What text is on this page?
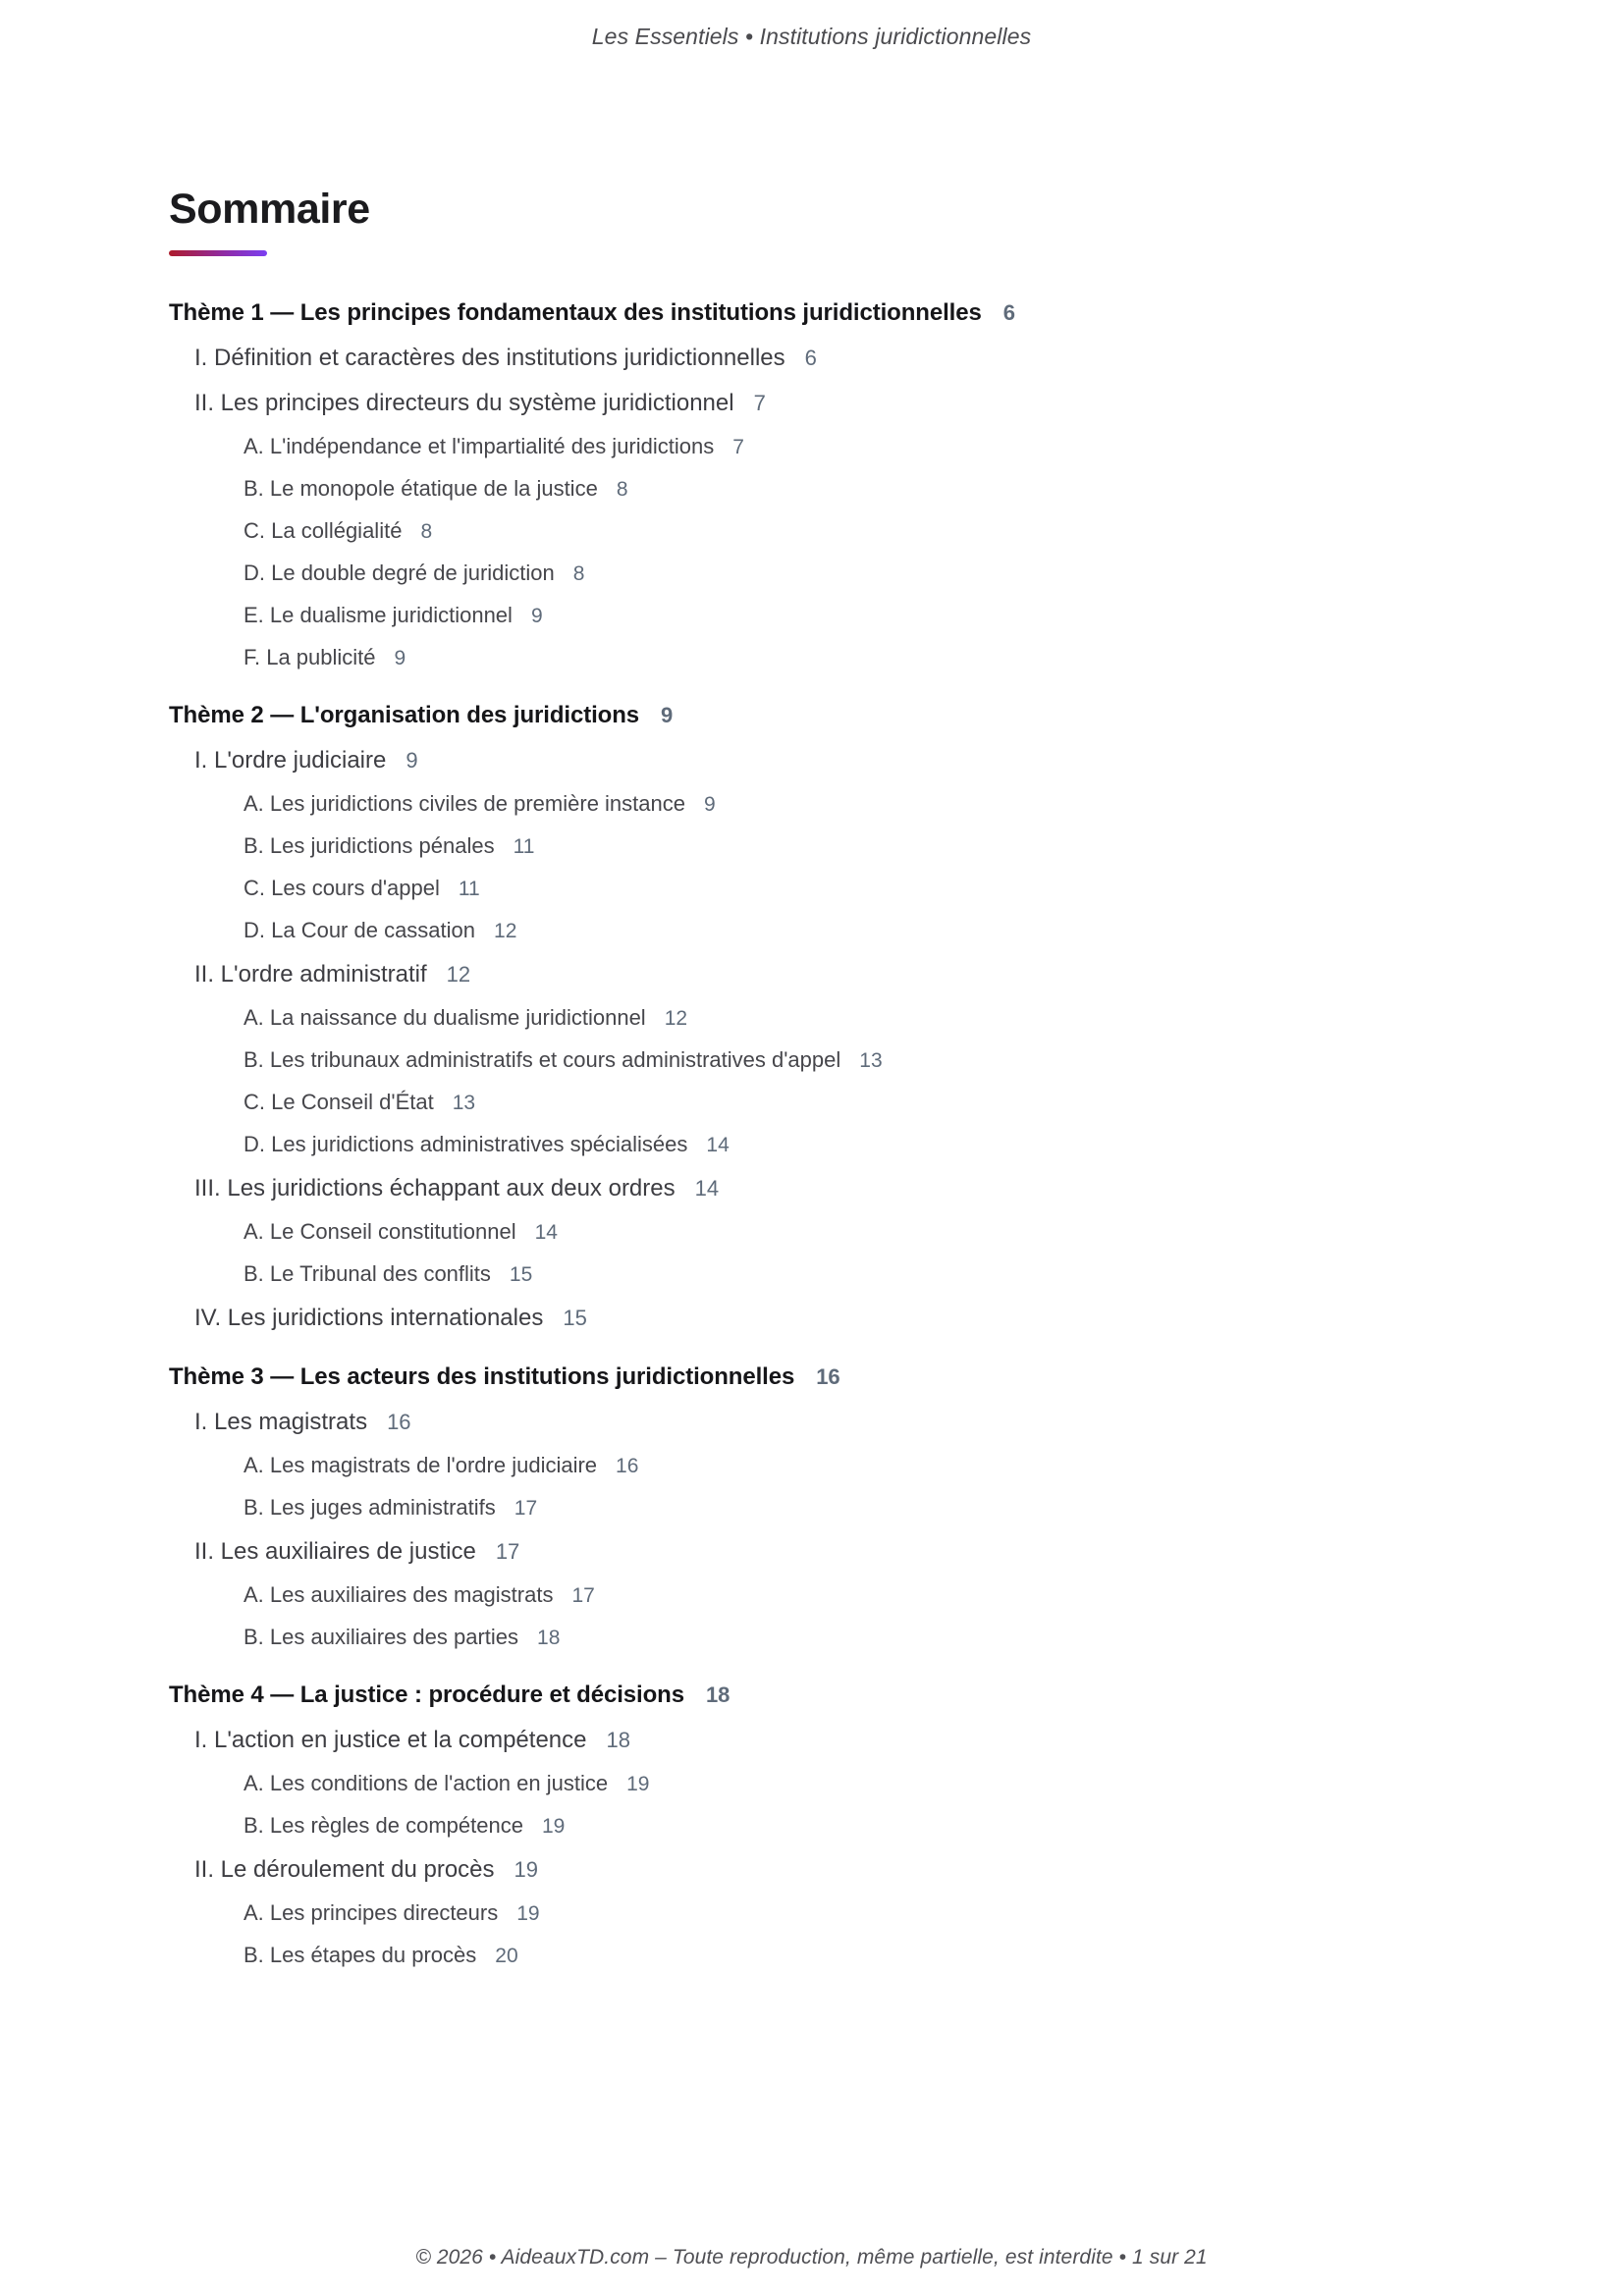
Les Essentiels • Institutions juridictionnelles
Sommaire
Thème 1 — Les principes fondamentaux des institutions juridictionnelles 6
I. Définition et caractères des institutions juridictionnelles 6
II. Les principes directeurs du système juridictionnel 7
A. L'indépendance et l'impartialité des juridictions 7
B. Le monopole étatique de la justice 8
C. La collégialité 8
D. Le double degré de juridiction 8
E. Le dualisme juridictionnel 9
F. La publicité 9
Thème 2 — L'organisation des juridictions 9
I. L'ordre judiciaire 9
A. Les juridictions civiles de première instance 9
B. Les juridictions pénales 11
C. Les cours d'appel 11
D. La Cour de cassation 12
II. L'ordre administratif 12
A. La naissance du dualisme juridictionnel 12
B. Les tribunaux administratifs et cours administratives d'appel 13
C. Le Conseil d'État 13
D. Les juridictions administratives spécialisées 14
III. Les juridictions échappant aux deux ordres 14
A. Le Conseil constitutionnel 14
B. Le Tribunal des conflits 15
IV. Les juridictions internationales 15
Thème 3 — Les acteurs des institutions juridictionnelles 16
I. Les magistrats 16
A. Les magistrats de l'ordre judiciaire 16
B. Les juges administratifs 17
II. Les auxiliaires de justice 17
A. Les auxiliaires des magistrats 17
B. Les auxiliaires des parties 18
Thème 4 — La justice : procédure et décisions 18
I. L'action en justice et la compétence 18
A. Les conditions de l'action en justice 19
B. Les règles de compétence 19
II. Le déroulement du procès 19
A. Les principes directeurs 19
B. Les étapes du procès 20
© 2026 • AideauxTD.com – Toute reproduction, même partielle, est interdite • 1 sur 21
